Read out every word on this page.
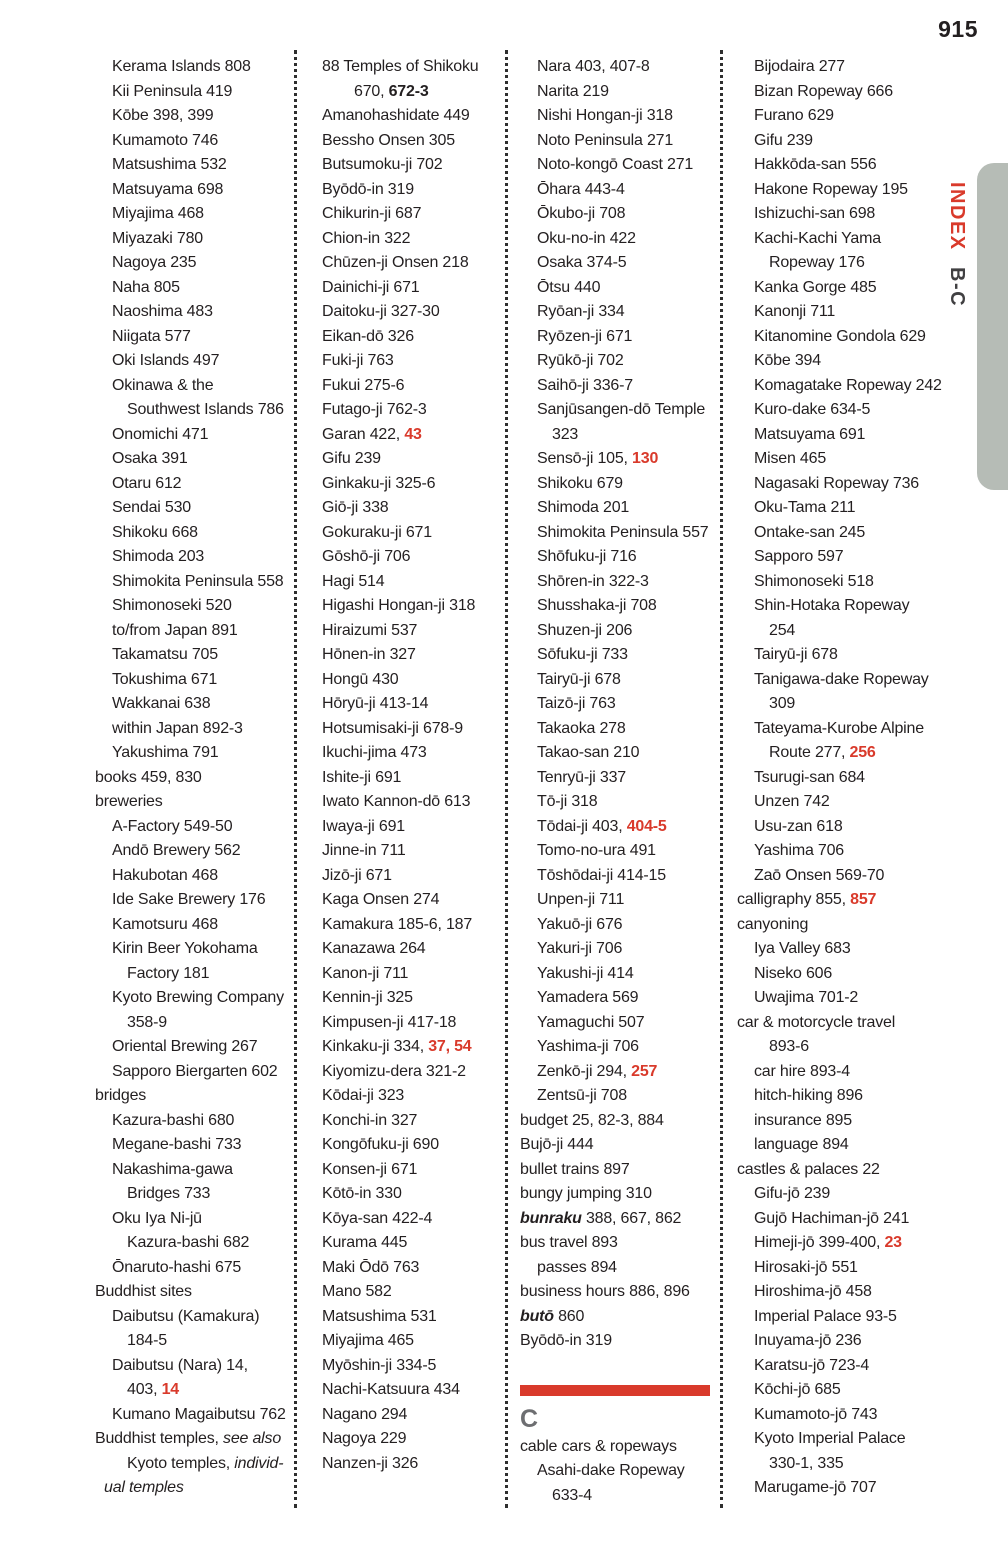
915
INDEX B-C
Kerama Islands 808
Kii Peninsula 419
Kōbe 398, 399
Kumamoto 746
Matsushima 532
Matsuyama 698
Miyajima 468
Miyazaki 780
Nagoya 235
Naha 805
Naoshima 483
Niigata 577
Oki Islands 497
Okinawa & the
Southwest Islands 786
Onomichi 471
Osaka 391
Otaru 612
Sendai 530
Shikoku 668
Shimoda 203
Shimokita Peninsula 558
Shimonoseki 520
to/from Japan 891
Takamatsu 705
Tokushima 671
Wakkanai 638
within Japan 892-3
Yakushima 791
books 459, 830
breweries
A-Factory 549-50
Andō Brewery 562
Hakubotan 468
Ide Sake Brewery 176
Kamotsuru 468
Kirin Beer Yokohama
Factory 181
Kyoto Brewing Company
358-9
Oriental Brewing 267
Sapporo Biergarten 602
bridges
Kazura-bashi 680
Megane-bashi 733
Nakashima-gawa
Bridges 733
Oku Iya Ni-jū
Kazura-bashi 682
Ōnaruto-hashi 675
Buddhist sites
Daibutsu (Kamakura)
184-5
Daibutsu (Nara) 14,
403, 14
Kumano Magaibutsu 762
Buddhist temples, see also
Kyoto temples, individ-
ual temples
88 Temples of Shikoku
670, 672-3
Amanohashidate 449
Bessho Onsen 305
Butsumoku-ji 702
Byōdō-in 319
Chikurin-ji 687
Chion-in 322
Chūzen-ji Onsen 218
Dainichi-ji 671
Daitoku-ji 327-30
Eikan-dō 326
Fuki-ji 763
Fukui 275-6
Futago-ji 762-3
Garan 422, 43
Gifu 239
Ginkaku-ji 325-6
Giō-ji 338
Gokuraku-ji 671
Gōshō-ji 706
Hagi 514
Higashi Hongan-ji 318
Hiraizumi 537
Hōnen-in 327
Hongū 430
Hōryū-ji 413-14
Hotsumisaki-ji 678-9
Ikuchi-jima 473
Ishite-ji 691
Iwato Kannon-dō 613
Iwaya-ji 691
Jinne-in 711
Jizō-ji 671
Kaga Onsen 274
Kamakura 185-6, 187
Kanazawa 264
Kanon-ji 711
Kennin-ji 325
Kimpusen-ji 417-18
Kinkaku-ji 334, 37, 54
Kiyomizu-dera 321-2
Kōdai-ji 323
Konchi-in 327
Kongōfuku-ji 690
Konsen-ji 671
Kōtō-in 330
Kōya-san 422-4
Kurama 445
Maki Ōdō 763
Mano 582
Matsushima 531
Miyajima 465
Myōshin-ji 334-5
Nachi-Katsuura 434
Nagano 294
Nagoya 229
Nanzen-ji 326
Nara 403, 407-8
Narita 219
Nishi Hongan-ji 318
Noto Peninsula 271
Noto-kongō Coast 271
Ōhara 443-4
Ōkubo-ji 708
Oku-no-in 422
Osaka 374-5
Ōtsu 440
Ryōan-ji 334
Ryōzen-ji 671
Ryūkō-ji 702
Saihō-ji 336-7
Sanjūsangen-dō Temple
323
Sensō-ji 105, 130
Shikoku 679
Shimoda 201
Shimokita Peninsula 557
Shōfuku-ji 716
Shōren-in 322-3
Shusshaka-ji 708
Shuzen-ji 206
Sōfuku-ji 733
Tairyū-ji 678
Taizō-ji 763
Takaoka 278
Takao-san 210
Tenryū-ji 337
Tō-ji 318
Tōdai-ji 403, 404-5
Tomo-no-ura 491
Tōshōdai-ji 414-15
Unpen-ji 711
Yakuō-ji 676
Yakuri-ji 706
Yakushi-ji 414
Yamadera 569
Yamaguchi 507
Yashima-ji 706
Zenkō-ji 294, 257
Zentsū-ji 708
budget 25, 82-3, 884
Bujō-ji 444
bullet trains 897
bungy jumping 310
bunraku 388, 667, 862
bus travel 893
passes 894
business hours 886, 896
butō 860
Byōdō-in 319
C
cable cars & ropeways
Asahi-dake Ropeway
633-4
Bijodaira 277
Bizan Ropeway 666
Furano 629
Gifu 239
Hakkōda-san 556
Hakone Ropeway 195
Ishizuchi-san 698
Kachi-Kachi Yama
Ropeway 176
Kanka Gorge 485
Kanonji 711
Kitanomine Gondola 629
Kōbe 394
Komagatake Ropeway 242
Kuro-dake 634-5
Matsuyama 691
Misen 465
Nagasaki Ropeway 736
Oku-Tama 211
Ontake-san 245
Sapporo 597
Shimonoseki 518
Shin-Hotaka Ropeway
254
Tairyū-ji 678
Tanigawa-dake Ropeway
309
Tateyama-Kurobe Alpine
Route 277, 256
Tsurugi-san 684
Unzen 742
Usu-zan 618
Yashima 706
Zaō Onsen 569-70
calligraphy 855, 857
canyoning
Iya Valley 683
Niseko 606
Uwajima 701-2
car & motorcycle travel
893-6
car hire 893-4
hitch-hiking 896
insurance 895
language 894
castles & palaces 22
Gifu-jō 239
Gujō Hachiman-jō 241
Himeji-jō 399-400, 23
Hirosaki-jō 551
Hiroshima-jō 458
Imperial Palace 93-5
Inuyama-jō 236
Karatsu-jō 723-4
Kōchi-jō 685
Kumamoto-jō 743
Kyoto Imperial Palace
330-1, 335
Marugame-jō 707
